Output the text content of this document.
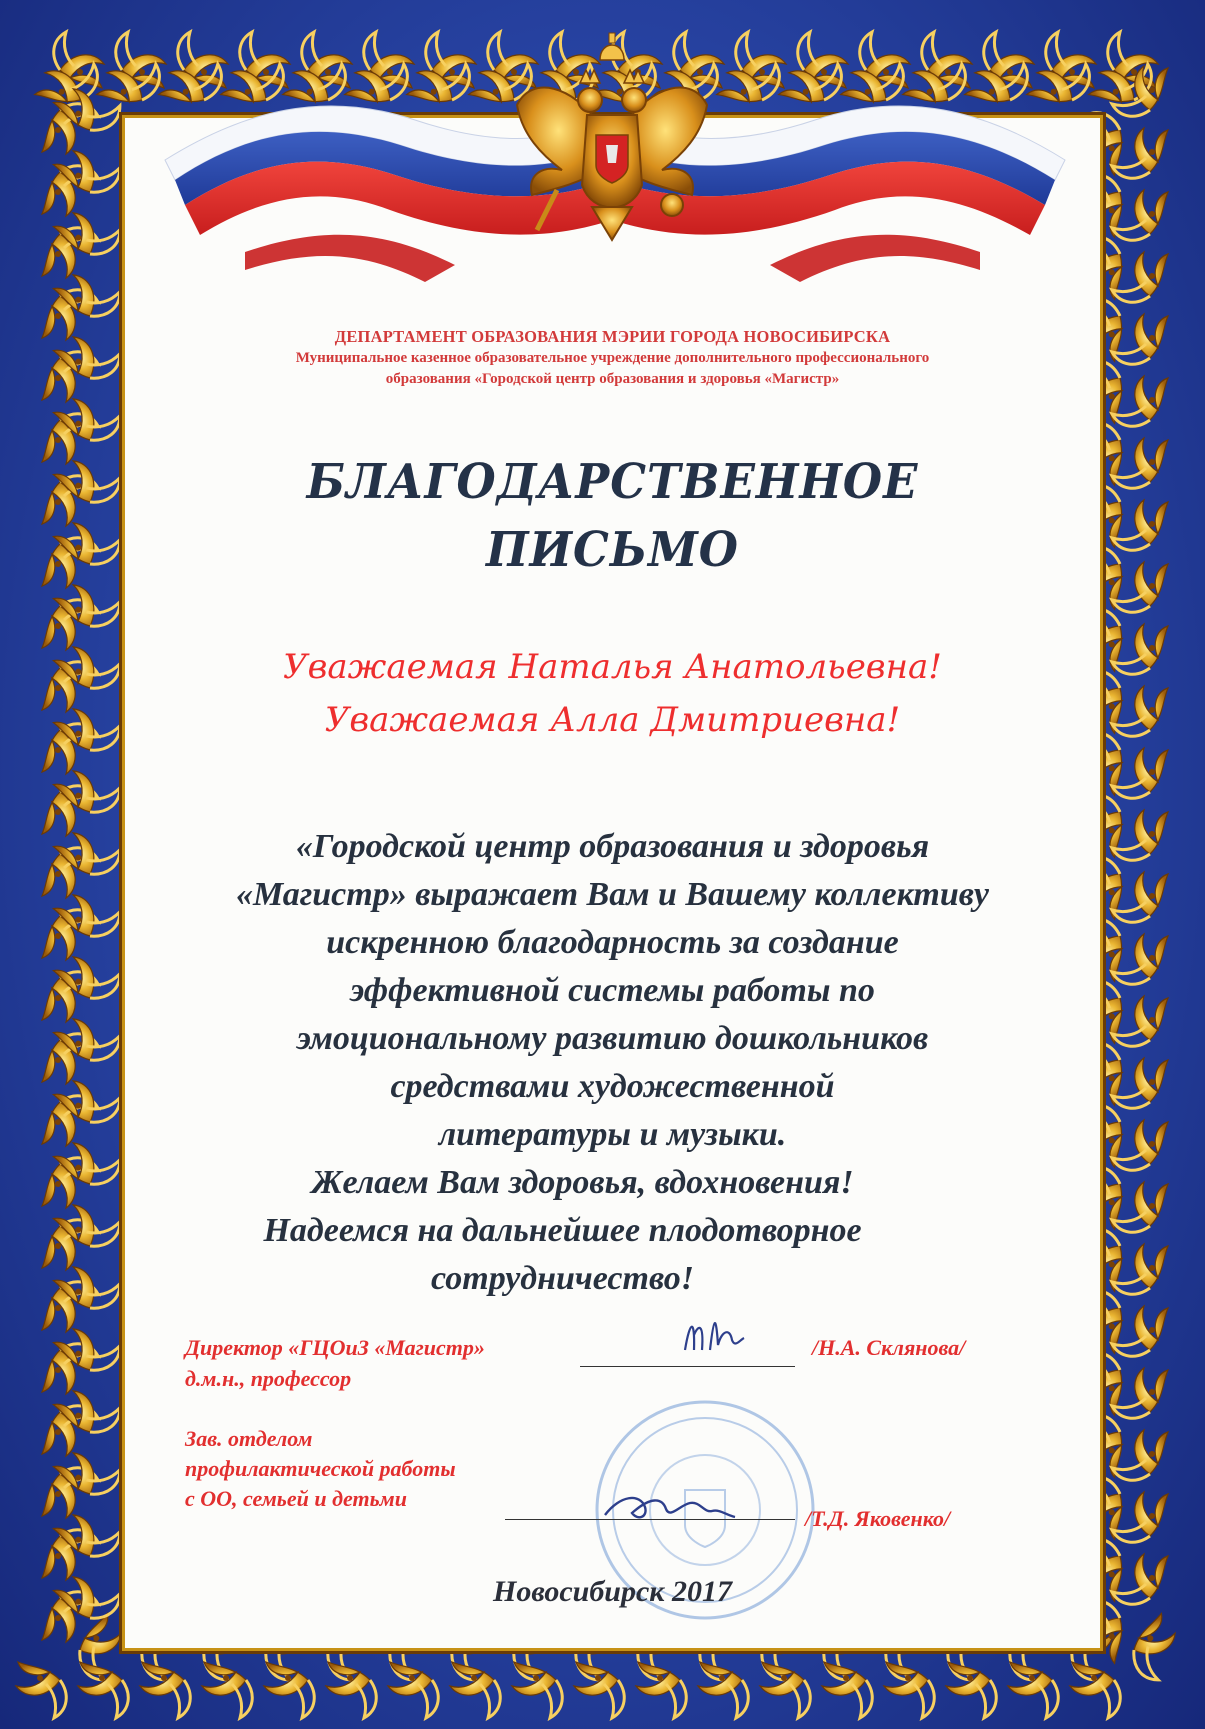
ДЕПАРТАМЕНТ ОБРАЗОВАНИЯ МЭРИИ ГОРОДА НОВОСИБИРСКА

Муниципальное казенное образовательное учреждение дополнительного профессионального

образования «Городской центр образования и здоровья «Магистр»

БЛАГОДАРСТВЕННОЕ

ПИСЬМО

Уважаемая Наталья Анатольевна!

Уважаемая Алла Дмитриевна!

«Городской центр образования и здоровья

«Магистр» выражает Вам и Вашему коллективу

искренною благодарность за создание

эффективной системы работы по

эмоциональному развитию дошкольников

средствами художественной

литературы и музыки.

Желаем Вам здоровья, вдохновения!

Надеемся на дальнейшее плодотворное

сотрудничество!

Директор «ГЦОиЗ «Магистр»	/Н.А. Склянова/

д.м.н., профессор

Зав. отделом

профилактической работы

с ОО, семьей и детьми

/Т.Д. Яковенко/

Новосибирск 2017
